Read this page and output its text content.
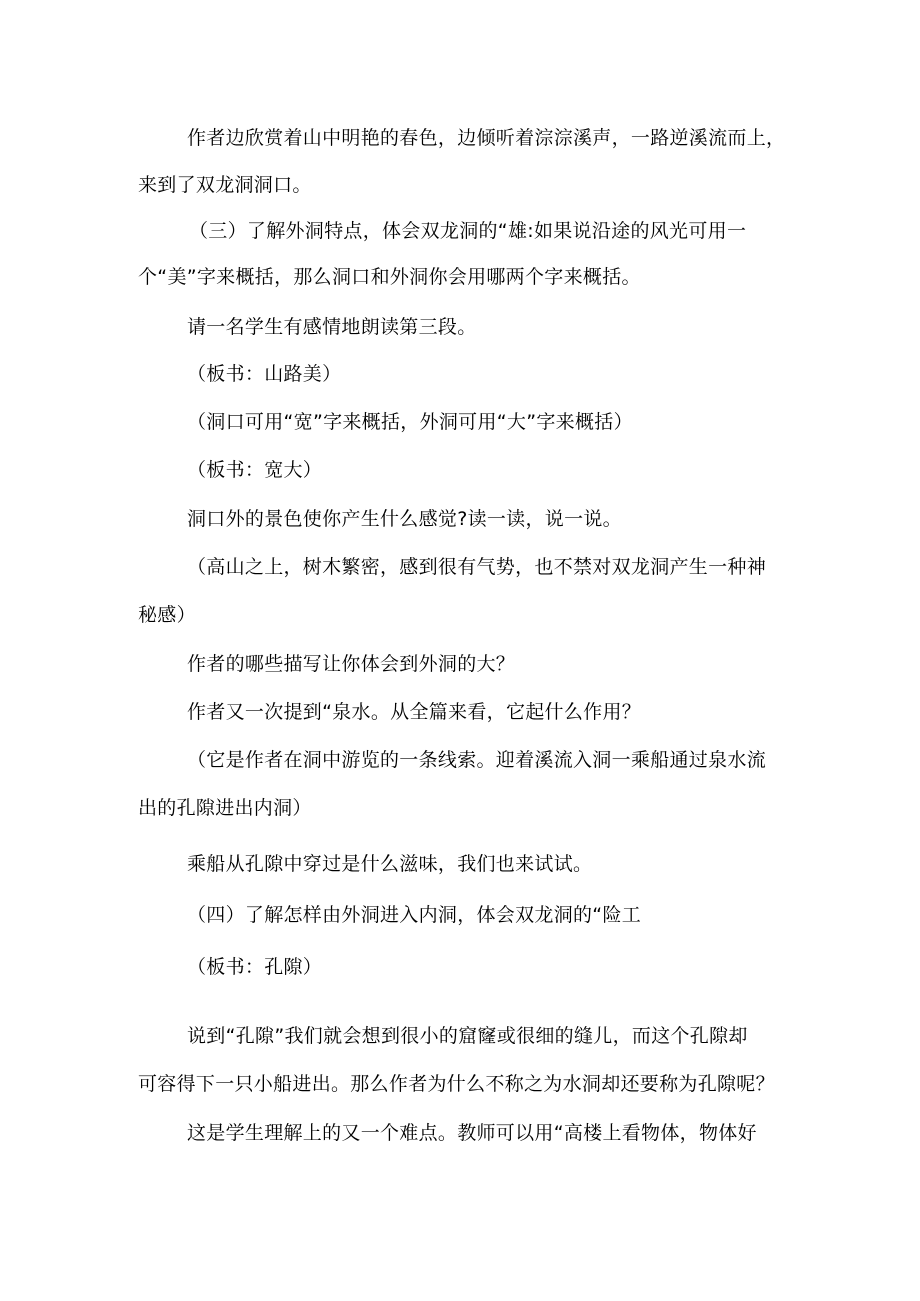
作者边欣赏着山中明艳的春色，边倾听着淙淙溪声，一路逆溪流而上，
来到了双龙洞洞口。
（三）了解外洞特点，体会双龙洞的“雄:如果说沿途的风光可用一
个“美”字来概括，那么洞口和外洞你会用哪两个字来概括。
请一名学生有感情地朗读第三段。
（板书：山路美）
（洞口可用“宽”字来概括，外洞可用“大”字来概括）
（板书：宽大）
洞口外的景色使你产生什么感觉?读一读，说一说。
（高山之上，树木繁密，感到很有气势，也不禁对双龙洞产生一种神
秘感）
作者的哪些描写让你体会到外洞的大？
作者又一次提到“泉水。从全篇来看，它起什么作用？
（它是作者在洞中游览的一条线索。迎着溪流入洞一乘船通过泉水流
出的孔隙进出内洞）
乘船从孔隙中穿过是什么滋味，我们也来试试。
（四）了解怎样由外洞进入内洞，体会双龙洞的“险工
（板书：孔隙）
说到“孔隙”我们就会想到很小的窟窿或很细的缝儿，而这个孔隙却
可容得下一只小船进出。那么作者为什么不称之为水洞却还要称为孔隙呢？
这是学生理解上的又一个难点。教师可以用“高楼上看物体，物体好
